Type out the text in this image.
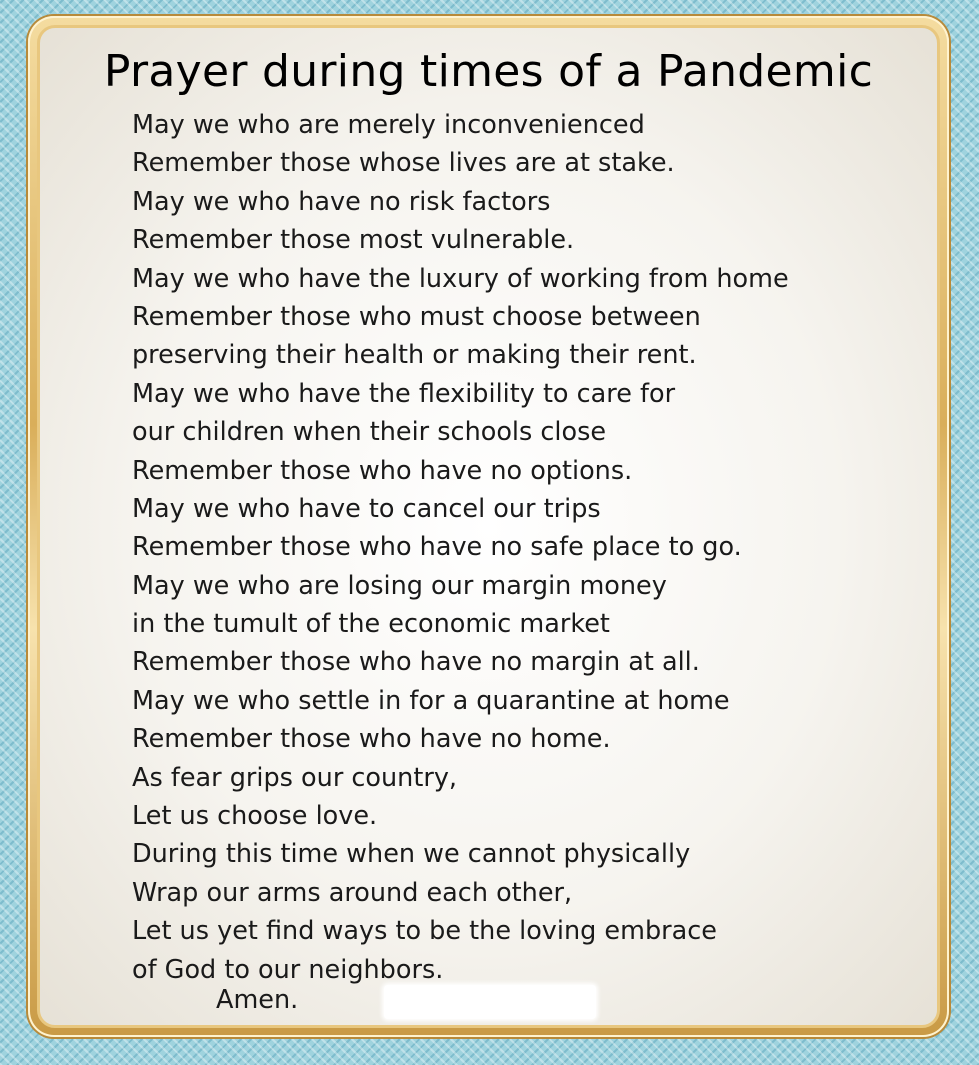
Prayer during times of a Pandemic
May we who are merely inconvenienced
Remember those whose lives are at stake.
May we who have no risk factors
Remember those most vulnerable.
May we who have the luxury of working from home
Remember those who must choose between
preserving their health or making their rent.
May we who have the flexibility to care for
our children when their schools close
Remember those who have no options.
May we who have to cancel our trips
Remember those who have no safe place to go.
May we who are losing our margin money
in the tumult of the economic market
Remember those who have no margin at all.
May we who settle in for a quarantine at home
Remember those who have no home.
As fear grips our country,
Let us choose love.
During this time when we cannot physically
Wrap our arms around each other,
Let us yet find ways to be the loving embrace
of God to our neighbors.
Amen.
